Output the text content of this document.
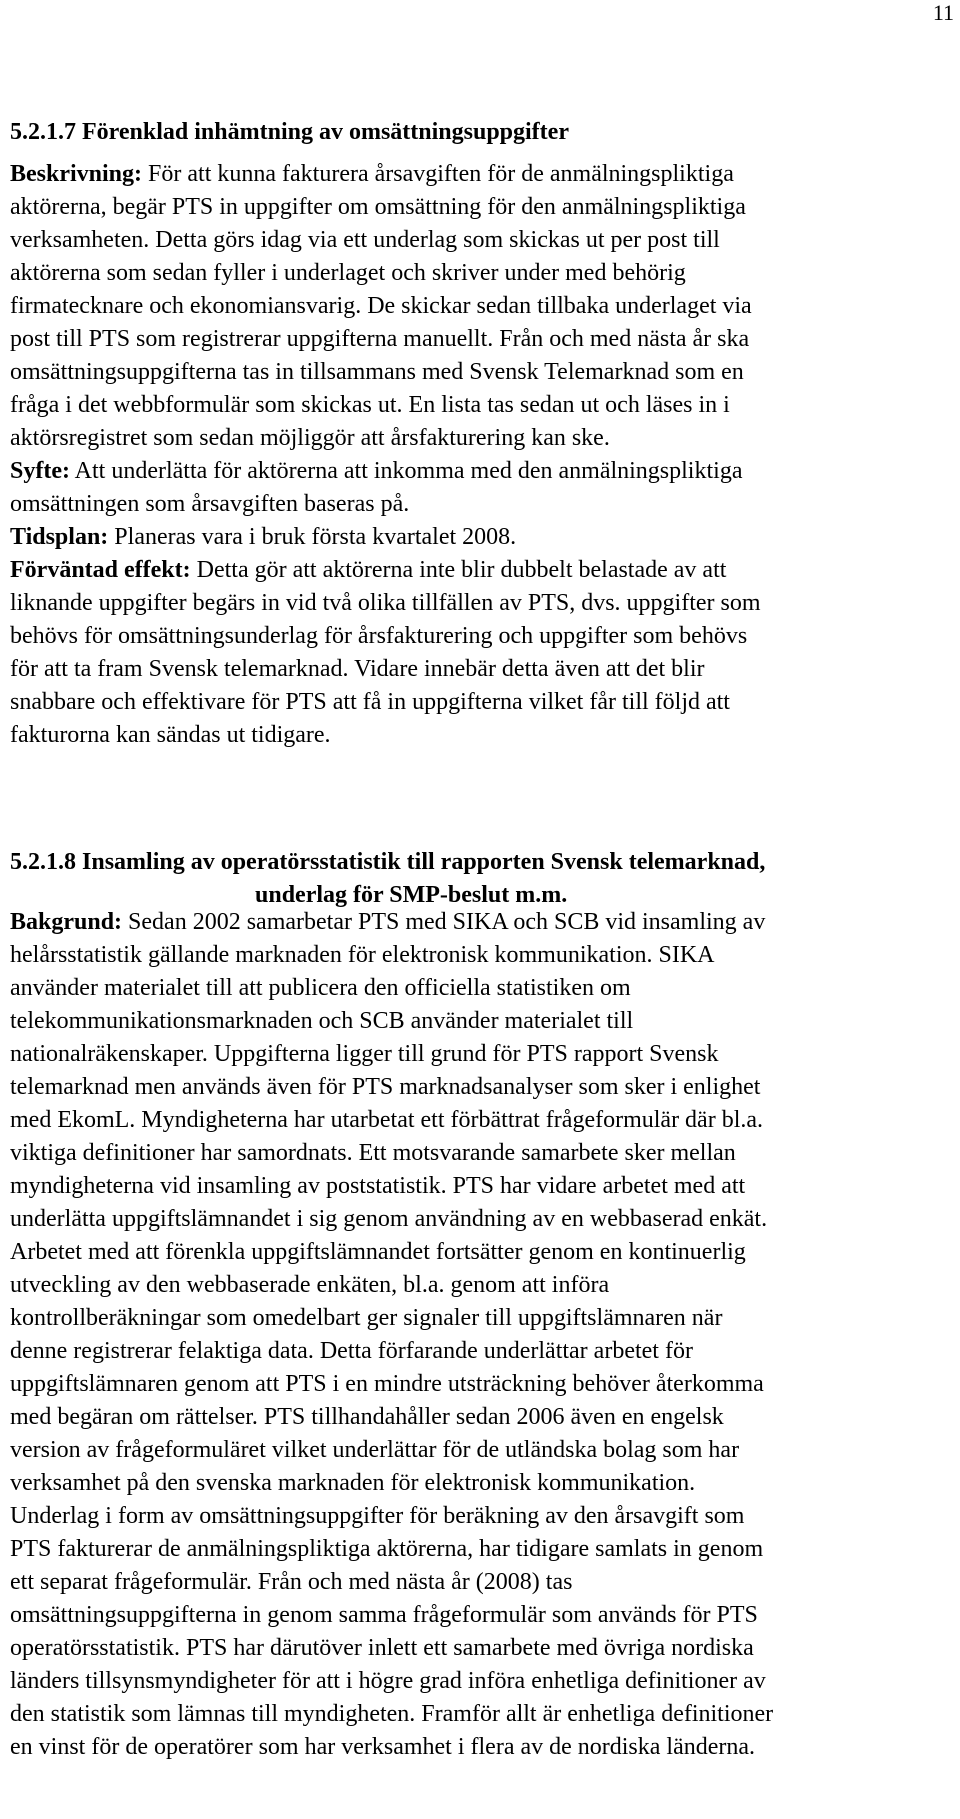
11
5.2.1.7 Förenklad inhämtning av omsättningsuppgifter

Beskrivning: För att kunna fakturera årsavgiften för de anmälningspliktiga
aktörerna, begär PTS in uppgifter om omsättning för den anmälningspliktiga
verksamheten. Detta görs idag via ett underlag som skickas ut per post till
aktörerna som sedan fyller i underlaget och skriver under med behörig
firmatecknare och ekonomiansvarig. De skickar sedan tillbaka underlaget via
post till PTS som registrerar uppgifterna manuellt. Från och med nästa år ska
omsättningsuppgifterna tas in tillsammans med Svensk Telemarknad som en
fråga i det webbformulär som skickas ut. En lista tas sedan ut och läses in i
aktörsregistret som sedan möjliggör att årsfakturering kan ske.

Syfte: Att underlätta för aktörerna att inkomma med den anmälningspliktiga
omsättningen som årsavgiften baseras på.

Tidsplan: Planeras vara i bruk första kvartalet 2008.

Förväntad effekt: Detta gör att aktörerna inte blir dubbelt belastade av att
liknande uppgifter begärs in vid två olika tillfällen av PTS, dvs. uppgifter som
behövs för omsättningsunderlag för årsfakturering och uppgifter som behövs
för att ta fram Svensk telemarknad. Vidare innebär detta även att det blir
snabbare och effektivare för PTS att få in uppgifterna vilket får till följd att
fakturorna kan sändas ut tidigare.

5.2.1.8 Insamling av operatörsstatistik till rapporten Svensk telemarknad,
underlag för SMP-beslut m.m.

Bakgrund: Sedan 2002 samarbetar PTS med SIKA och SCB vid insamling av
helårsstatistik gällande marknaden för elektronisk kommunikation. SIKA
använder materialet till att publicera den officiella statistiken om
telekommunikationsmarknaden och SCB använder materialet till
nationalräkenskaper. Uppgifterna ligger till grund för PTS rapport Svensk
telemarknad men används även för PTS marknadsanalyser som sker i enlighet
med EkomL. Myndigheterna har utarbetat ett förbättrat frågeformulär där bl.a.
viktiga definitioner har samordnats. Ett motsvarande samarbete sker mellan
myndigheterna vid insamling av poststatistik. PTS har vidare arbetet med att
underlätta uppgiftslämnandet i sig genom användning av en webbaserad enkät.
Arbetet med att förenkla uppgiftslämnandet fortsätter genom en kontinuerlig
utveckling av den webbaserade enkäten, bl.a. genom att införa
kontrollberäkningar som omedelbart ger signaler till uppgiftslämnaren när
denne registrerar felaktiga data. Detta förfarande underlättar arbetet för
uppgiftslämnaren genom att PTS i en mindre utsträckning behöver återkomma
med begäran om rättelser. PTS tillhandahåller sedan 2006 även en engelsk
version av frågeformuläret vilket underlättar för de utländska bolag som har
verksamhet på den svenska marknaden för elektronisk kommunikation.
Underlag i form av omsättningsuppgifter för beräkning av den årsavgift som
PTS fakturerar de anmälningspliktiga aktörerna, har tidigare samlats in genom
ett separat frågeformulär. Från och med nästa år (2008) tas
omsättningsuppgifterna in genom samma frågeformulär som används för PTS
operatörsstatistik. PTS har därutöver inlett ett samarbete med övriga nordiska
länders tillsynsmyndigheter för att i högre grad införa enhetliga definitioner av
den statistik som lämnas till myndigheten. Framför allt är enhetliga definitioner
en vinst för de operatörer som har verksamhet i flera av de nordiska länderna.
